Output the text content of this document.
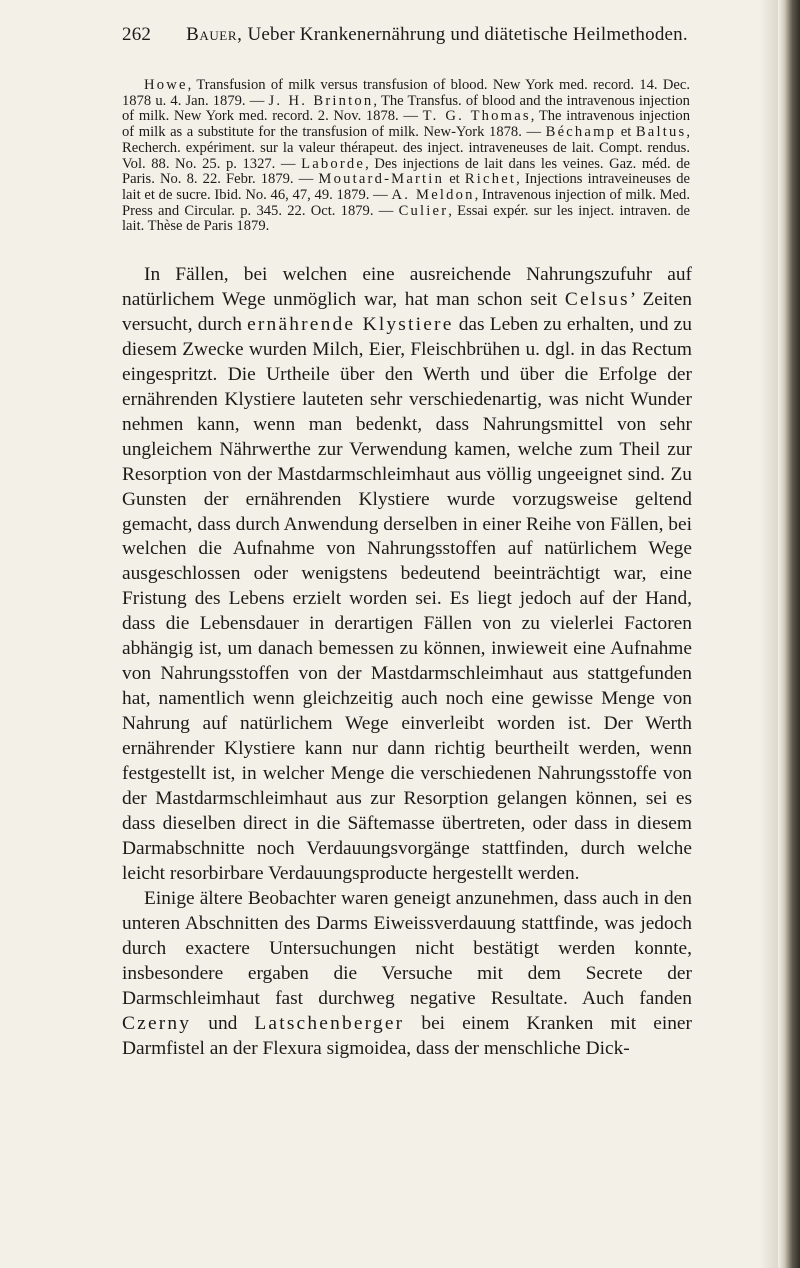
262 Bauer, Ueber Krankenernährung und diätetische Heilmethoden.
Howe, Transfusion of milk versus transfusion of blood. New York med. record. 14. Dec. 1878 u. 4. Jan. 1879. — J. H. Brinton, The Transfus. of blood and the intravenous injection of milk. New York med. record. 2. Nov. 1878. — T. G. Thomas, The intravenous injection of milk as a substitute for the transfusion of milk. New-York 1878. — Béchamp et Baltus, Recherch. expériment. sur la valeur thérapeut. des inject. intraveneuses de lait. Compt. rendus. Vol. 88. No. 25. p. 1327. — Laborde, Des injections de lait dans les veines. Gaz. méd. de Paris. No. 8. 22. Febr. 1879. — Moutard-Martin et Richet, Injections intraveineuses de lait et de sucre. Ibid. No. 46, 47, 49. 1879. — A. Meldon, Intravenous injection of milk. Med. Press and Circular. p. 345. 22. Oct. 1879. — Culier, Essai expér. sur les inject. intraven. de lait. Thèse de Paris 1879.

In Fällen, bei welchen eine ausreichende Nahrungszufuhr auf natürlichem Wege unmöglich war, hat man schon seit Celsus’ Zeiten versucht, durch ernährende Klystiere das Leben zu erhalten, und zu diesem Zwecke wurden Milch, Eier, Fleischbrühen u. dgl. in das Rectum eingespritzt. Die Urtheile über den Werth und über die Erfolge der ernährenden Klystiere lauteten sehr verschiedenartig, was nicht Wunder nehmen kann, wenn man bedenkt, dass Nahrungsmittel von sehr ungleichem Nährwerthe zur Verwendung kamen, welche zum Theil zur Resorption von der Mastdarmschleimhaut aus völlig ungeeignet sind. Zu Gunsten der ernährenden Klystiere wurde vorzugsweise geltend gemacht, dass durch Anwendung derselben in einer Reihe von Fällen, bei welchen die Aufnahme von Nahrungsstoffen auf natürlichem Wege ausgeschlossen oder wenigstens bedeutend beeinträchtigt war, eine Fristung des Lebens erzielt worden sei. Es liegt jedoch auf der Hand, dass die Lebensdauer in derartigen Fällen von zu vielerlei Factoren abhängig ist, um danach bemessen zu können, inwieweit eine Aufnahme von Nahrungsstoffen von der Mastdarmschleimhaut aus stattgefunden hat, namentlich wenn gleichzeitig auch noch eine gewisse Menge von Nahrung auf natürlichem Wege einverleibt worden ist. Der Werth ernährender Klystiere kann nur dann richtig beurtheilt werden, wenn festgestellt ist, in welcher Menge die verschiedenen Nahrungsstoffe von der Mastdarmschleimhaut aus zur Resorption gelangen können, sei es dass dieselben direct in die Säftemasse übertreten, oder dass in diesem Darmabschnitte noch Verdauungsvorgänge stattfinden, durch welche leicht resorbirbare Verdauungsproducte hergestellt werden.

Einige ältere Beobachter waren geneigt anzunehmen, dass auch in den unteren Abschnitten des Darms Eiweissverdauung stattfinde, was jedoch durch exactere Untersuchungen nicht bestätigt werden konnte, insbesondere ergaben die Versuche mit dem Secrete der Darmschleimhaut fast durchweg negative Resultate. Auch fanden Czerny und Latschenberger bei einem Kranken mit einer Darmfistel an der Flexura sigmoidea, dass der menschliche Dick-
